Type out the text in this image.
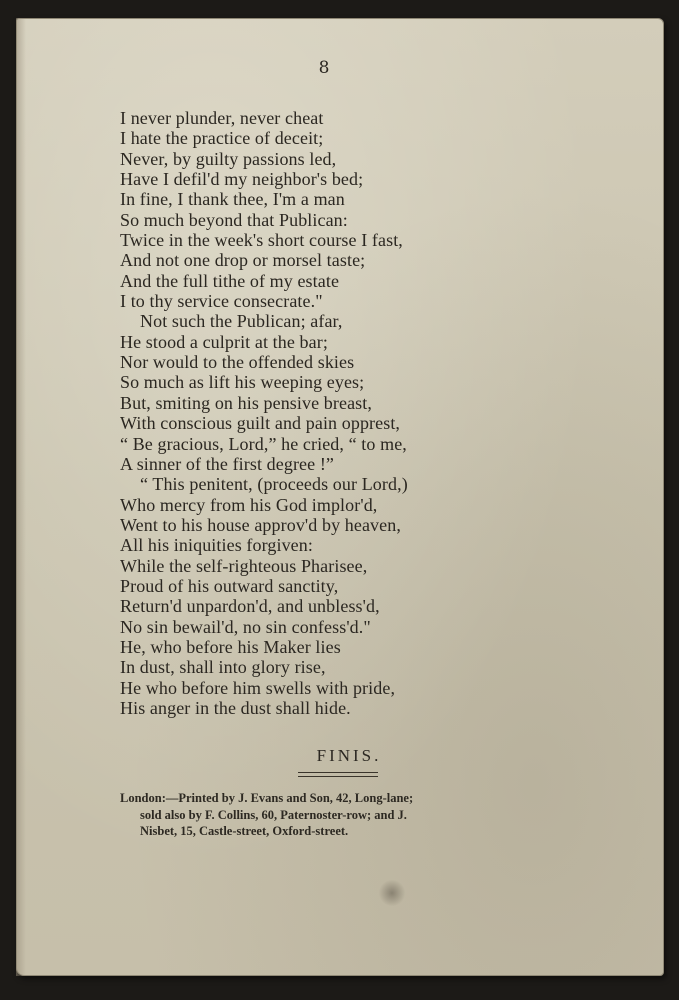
8
I never plunder, never cheat
I hate the practice of deceit;
Never, by guilty passions led,
Have I defil'd my neighbor's bed;
In fine, I thank thee, I'm a man
So much beyond that Publican:
Twice in the week's short course I fast,
And not one drop or morsel taste;
And the full tithe of my estate
I to thy service consecrate."
Not such the Publican; afar,
He stood a culprit at the bar;
Nor would to the offended skies
So much as lift his weeping eyes;
But, smiting on his pensive breast,
With conscious guilt and pain opprest,
“ Be gracious, Lord,” he cried, “ to me,
A sinner of the first degree !”
“ This penitent, (proceeds our Lord,)
Who mercy from his God implor'd,
Went to his house approv'd by heaven,
All his iniquities forgiven:
While the self-righteous Pharisee,
Proud of his outward sanctity,
Return'd unpardon'd, and unbless'd,
No sin bewail'd, no sin confess'd."
He, who before his Maker lies
In dust, shall into glory rise,
He who before him swells with pride,
His anger in the dust shall hide.
FINIS.
London:—Printed by J. Evans and Son, 42, Long-lane;
sold also by F. Collins, 60, Paternoster-row; and J.
Nisbet, 15, Castle-street, Oxford-street.
